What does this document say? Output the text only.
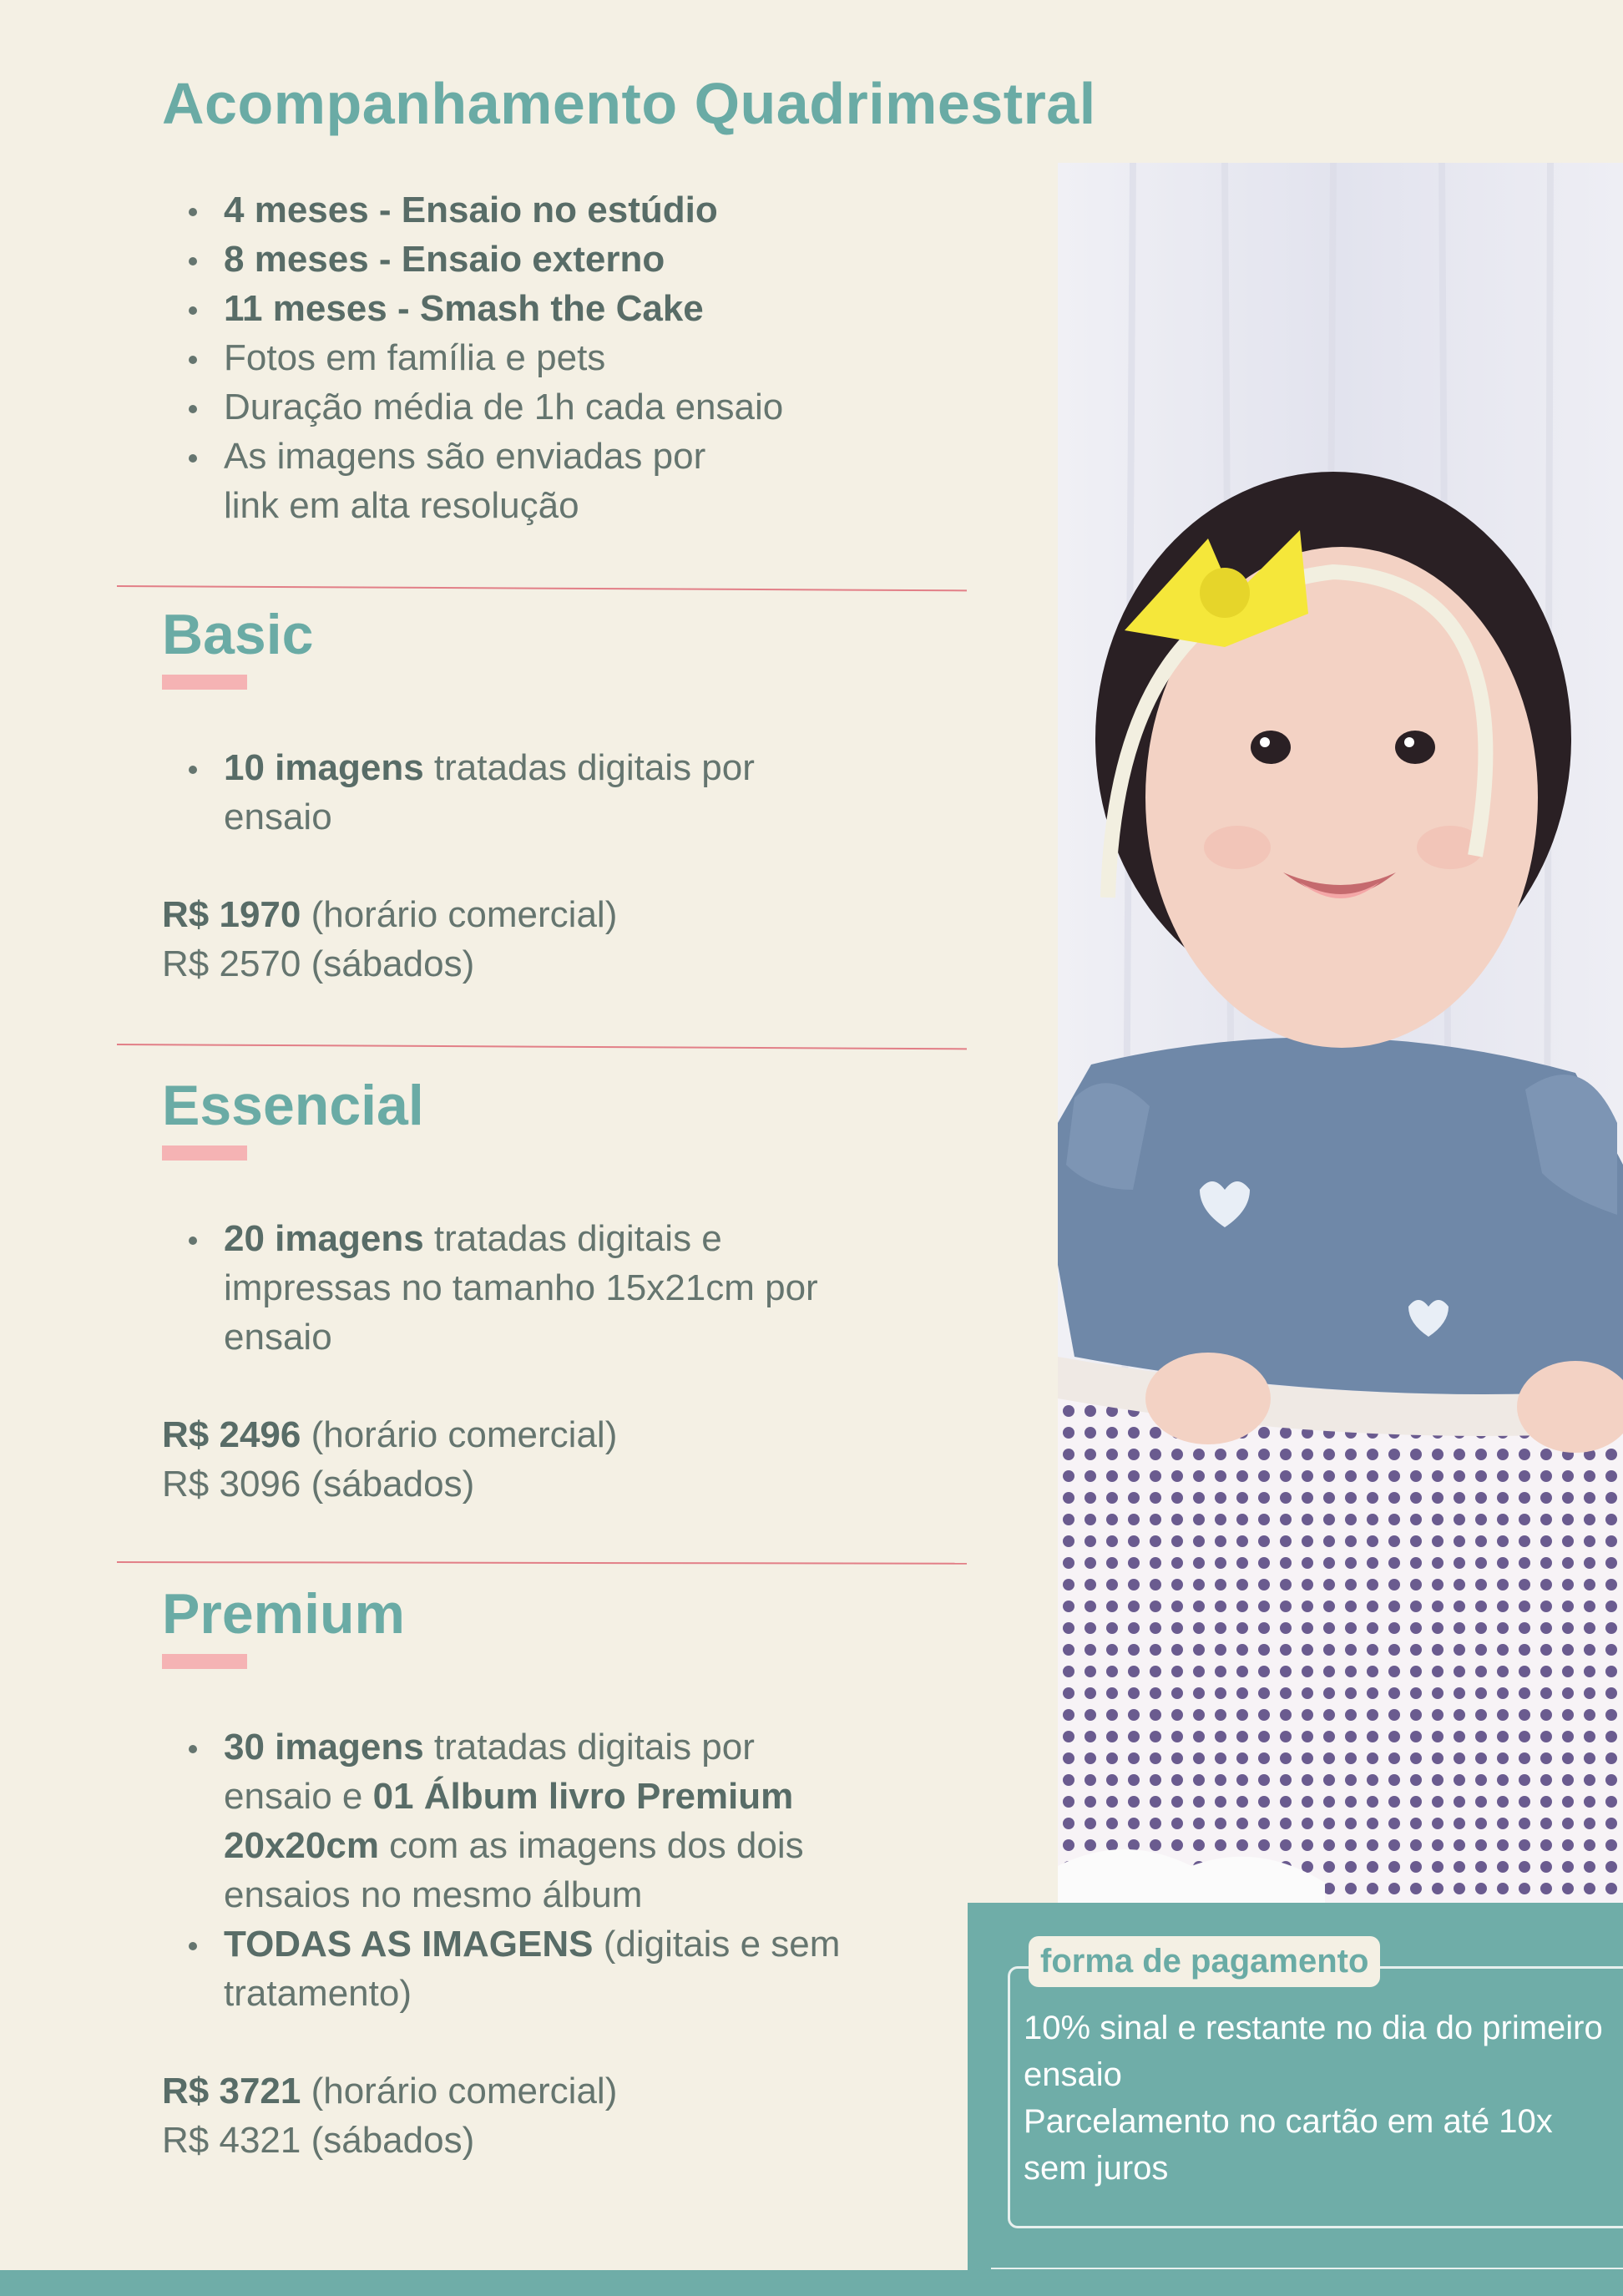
Acompanhamento Quadrimestral
4 meses - Ensaio no estúdio
8 meses - Ensaio externo
11 meses - Smash the Cake
Fotos em família e pets
Duração média de 1h cada ensaio
As imagens são enviadas por link em alta resolução
Basic
10 imagens tratadas digitais por ensaio
R$ 1970 (horário comercial)
R$ 2570 (sábados)
Essencial
20 imagens tratadas digitais e impressas no tamanho 15x21cm por ensaio
R$ 2496 (horário comercial)
R$ 3096 (sábados)
Premium
30 imagens tratadas digitais por ensaio e 01 Álbum livro Premium 20x20cm com as imagens dos dois ensaios no mesmo álbum
TODAS AS IMAGENS (digitais e sem tratamento)
R$ 3721 (horário comercial)
R$ 4321 (sábados)
forma de pagamento

10% sinal e restante no dia do primeiro ensaio

Parcelamento no cartão em até 10x sem juros
